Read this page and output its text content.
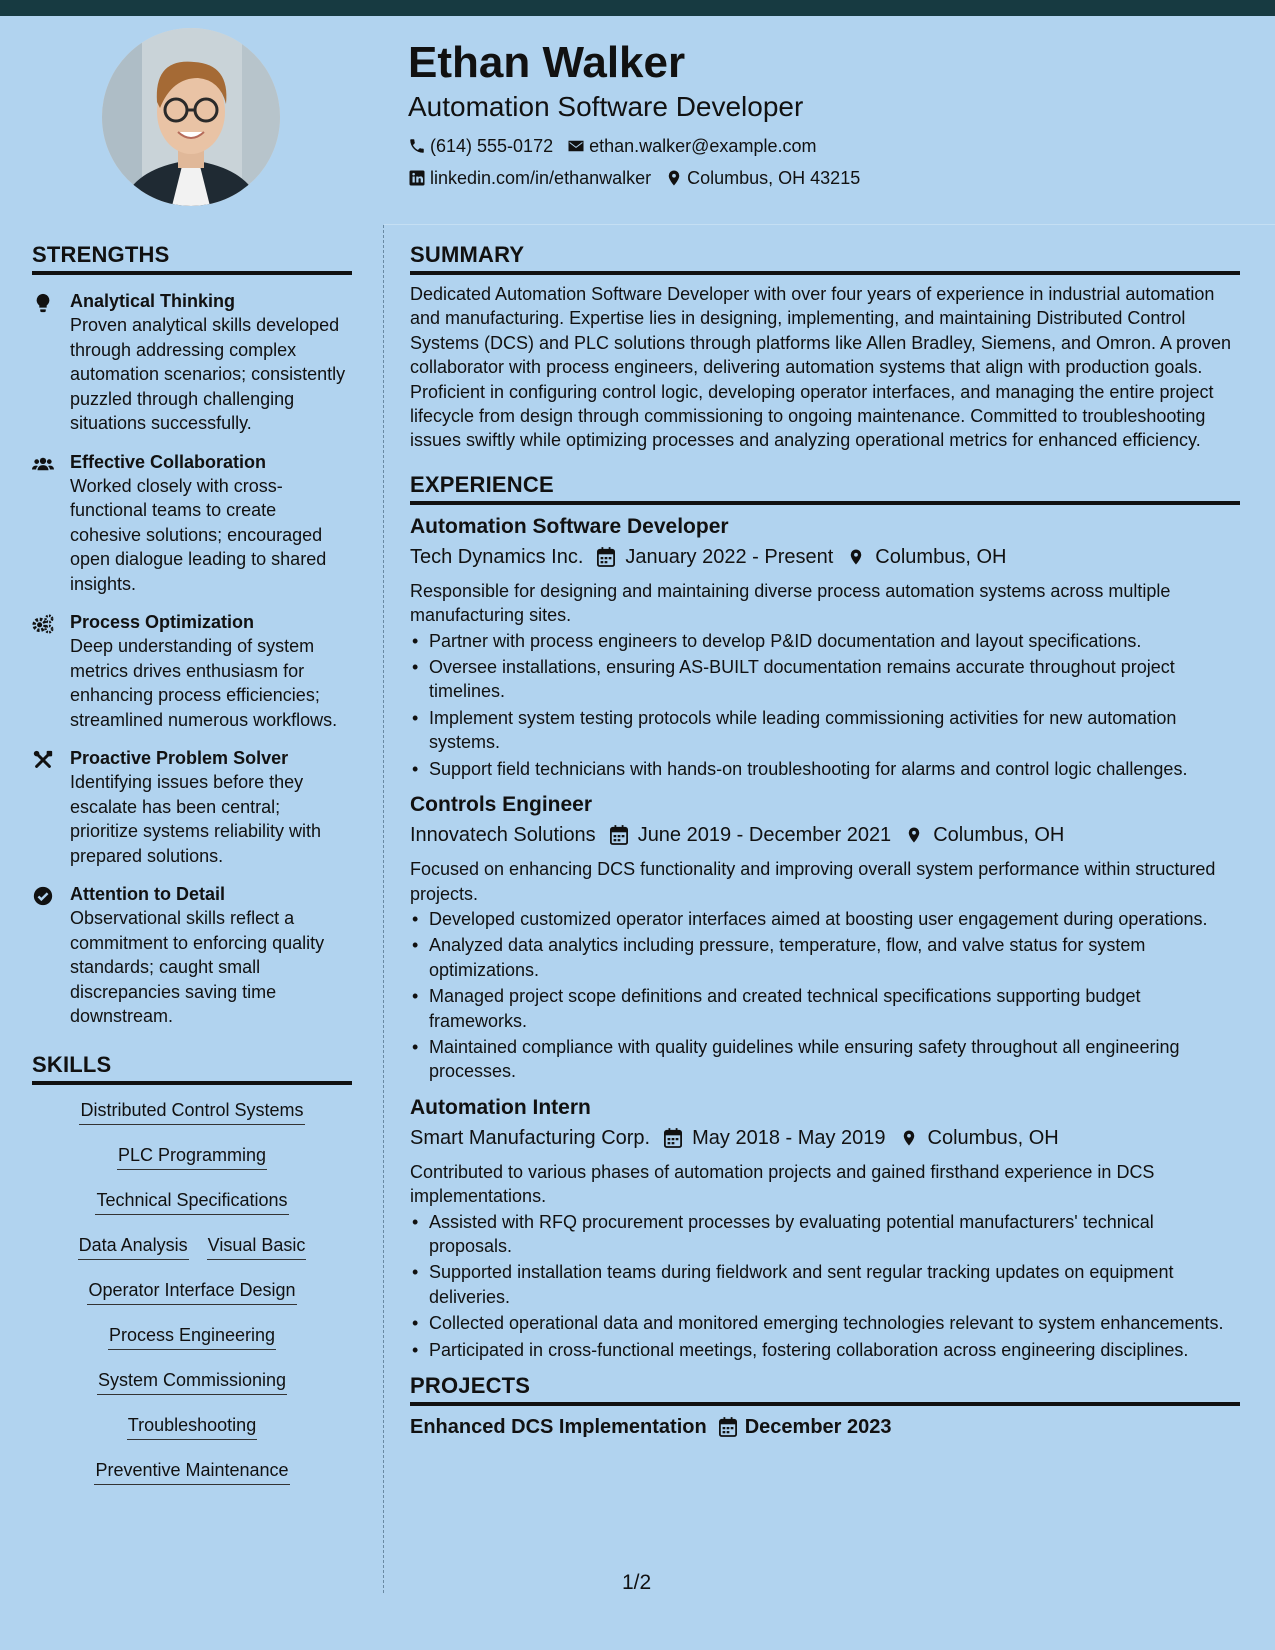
Ethan Walker
Automation Software Developer
(614) 555-0172 ethan.walker@example.com
linkedin.com/in/ethanwalker Columbus, OH 43215
STRENGTHS
Analytical Thinking
Proven analytical skills developed through addressing complex automation scenarios; consistently puzzled through challenging situations successfully.
Effective Collaboration
Worked closely with cross-functional teams to create cohesive solutions; encouraged open dialogue leading to shared insights.
Process Optimization
Deep understanding of system metrics drives enthusiasm for enhancing process efficiencies; streamlined numerous workflows.
Proactive Problem Solver
Identifying issues before they escalate has been central; prioritize systems reliability with prepared solutions.
Attention to Detail
Observational skills reflect a commitment to enforcing quality standards; caught small discrepancies saving time downstream.
SKILLS
Distributed Control Systems
PLC Programming
Technical Specifications
Data Analysis Visual Basic
Operator Interface Design
Process Engineering
System Commissioning
Troubleshooting
Preventive Maintenance
SUMMARY
Dedicated Automation Software Developer with over four years of experience in industrial automation and manufacturing. Expertise lies in designing, implementing, and maintaining Distributed Control Systems (DCS) and PLC solutions through platforms like Allen Bradley, Siemens, and Omron. A proven collaborator with process engineers, delivering automation systems that align with production goals. Proficient in configuring control logic, developing operator interfaces, and managing the entire project lifecycle from design through commissioning to ongoing maintenance. Committed to troubleshooting issues swiftly while optimizing processes and analyzing operational metrics for enhanced efficiency.
EXPERIENCE
Automation Software Developer
Tech Dynamics Inc. January 2022 - Present Columbus, OH
Responsible for designing and maintaining diverse process automation systems across multiple manufacturing sites.
• Partner with process engineers to develop P&ID documentation and layout specifications.
• Oversee installations, ensuring AS-BUILT documentation remains accurate throughout project timelines.
• Implement system testing protocols while leading commissioning activities for new automation systems.
• Support field technicians with hands-on troubleshooting for alarms and control logic challenges.
Controls Engineer
Innovatech Solutions June 2019 - December 2021 Columbus, OH
Focused on enhancing DCS functionality and improving overall system performance within structured projects.
• Developed customized operator interfaces aimed at boosting user engagement during operations.
• Analyzed data analytics including pressure, temperature, flow, and valve status for system optimizations.
• Managed project scope definitions and created technical specifications supporting budget frameworks.
• Maintained compliance with quality guidelines while ensuring safety throughout all engineering processes.
Automation Intern
Smart Manufacturing Corp. May 2018 - May 2019 Columbus, OH
Contributed to various phases of automation projects and gained firsthand experience in DCS implementations.
• Assisted with RFQ procurement processes by evaluating potential manufacturers' technical proposals.
• Supported installation teams during fieldwork and sent regular tracking updates on equipment deliveries.
• Collected operational data and monitored emerging technologies relevant to system enhancements.
• Participated in cross-functional meetings, fostering collaboration across engineering disciplines.
PROJECTS
Enhanced DCS Implementation December 2023
1/2
